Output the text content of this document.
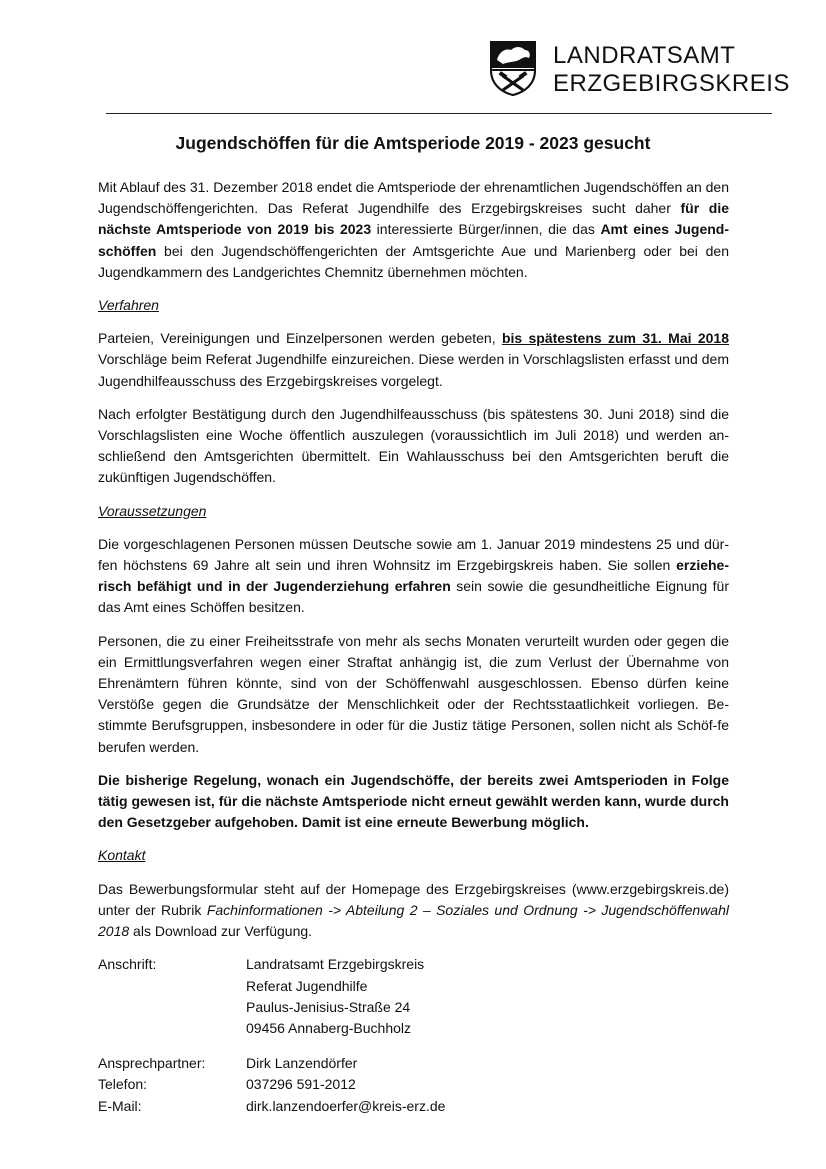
LANDRATSAMT
ERZGEBIRGSKREIS
Jugendschöffen für die Amtsperiode 2019 - 2023 gesucht

Mit Ablauf des 31. Dezember 2018 endet die Amtsperiode der ehrenamtlichen Jugendschöffen an den Jugendschöffengerichten. Das Referat Jugendhilfe des Erzgebirgskreises sucht daher für die nächste Amtsperiode von 2019 bis 2023 interessierte Bürger/innen, die das Amt eines Jugend-schöffen bei den Jugendschöffengerichten der Amtsgerichte Aue und Marienberg oder bei den Jugendkammern des Landgerichtes Chemnitz übernehmen möchten.

Verfahren

Parteien, Vereinigungen und Einzelpersonen werden gebeten, bis spätestens zum 31. Mai 2018 Vorschläge beim Referat Jugendhilfe einzureichen. Diese werden in Vorschlagslisten erfasst und dem Jugendhilfeausschuss des Erzgebirgskreises vorgelegt.

Nach erfolgter Bestätigung durch den Jugendhilfeausschuss (bis spätestens 30. Juni 2018) sind die Vorschlagslisten eine Woche öffentlich auszulegen (voraussichtlich im Juli 2018) und werden an-schließend den Amtsgerichten übermittelt. Ein Wahlausschuss bei den Amtsgerichten beruft die zukünftigen Jugendschöffen.

Voraussetzungen

Die vorgeschlagenen Personen müssen Deutsche sowie am 1. Januar 2019 mindestens 25 und dür-fen höchstens 69 Jahre alt sein und ihren Wohnsitz im Erzgebirgskreis haben. Sie sollen erziehe-risch befähigt und in der Jugenderziehung erfahren sein sowie die gesundheitliche Eignung für das Amt eines Schöffen besitzen.

Personen, die zu einer Freiheitsstrafe von mehr als sechs Monaten verurteilt wurden oder gegen die ein Ermittlungsverfahren wegen einer Straftat anhängig ist, die zum Verlust der Übernahme von Ehrenämtern führen könnte, sind von der Schöffenwahl ausgeschlossen. Ebenso dürfen keine Verstöße gegen die Grundsätze der Menschlichkeit oder der Rechtsstaatlichkeit vorliegen. Be-stimmte Berufsgruppen, insbesondere in oder für die Justiz tätige Personen, sollen nicht als Schöf-fe berufen werden.

Die bisherige Regelung, wonach ein Jugendschöffe, der bereits zwei Amtsperioden in Folge tätig gewesen ist, für die nächste Amtsperiode nicht erneut gewählt werden kann, wurde durch den Gesetzgeber aufgehoben. Damit ist eine erneute Bewerbung möglich.

Kontakt

Das Bewerbungsformular steht auf der Homepage des Erzgebirgskreises (www.erzgebirgskreis.de) unter der Rubrik Fachinformationen -> Abteilung 2 – Soziales und Ordnung -> Jugendschöffenwahl 2018 als Download zur Verfügung.

Anschrift:	Landratsamt Erzgebirgskreis
Referat Jugendhilfe
Paulus-Jenisius-Straße 24
09456 Annaberg-Buchholz
Ansprechpartner:	Dirk Lanzendörfer
Telefon:	037296 591-2012
E-Mail:	dirk.lanzendoerfer@kreis-erz.de
